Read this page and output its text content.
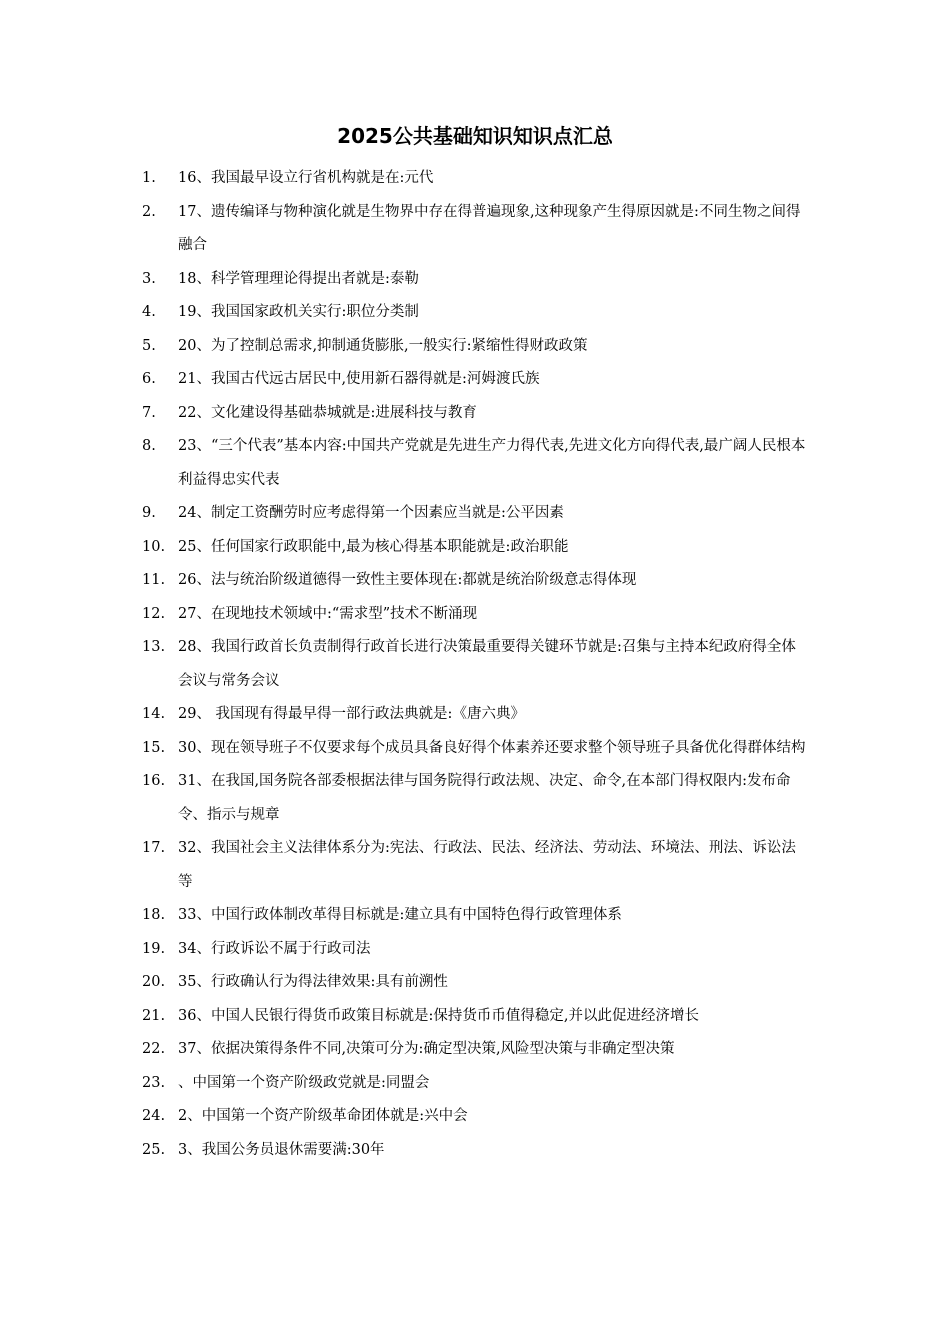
2025公共基础知识知识点汇总
1. 16、我国最早设立行省机构就是在:元代
2. 17、遗传编译与物种演化就是生物界中存在得普遍现象,这种现象产生得原因就是:不同生物之间得融合
3. 18、科学管理理论得提出者就是:泰勒
4. 19、我国国家政机关实行:职位分类制
5. 20、为了控制总需求,抑制通货膨胀,一般实行:紧缩性得财政政策
6. 21、我国古代远古居民中,使用新石器得就是:河姆渡氏族
7. 22、文化建设得基础恭城就是:进展科技与教育
8. 23、“三个代表”基本内容:中国共产党就是先进生产力得代表,先进文化方向得代表,最广阔人民根本利益得忠实代表
9. 24、制定工资酬劳时应考虑得第一个因素应当就是:公平因素
10. 25、任何国家行政职能中,最为核心得基本职能就是:政治职能
11. 26、法与统治阶级道德得一致性主要体现在:都就是统治阶级意志得体现
12. 27、在现地技术领域中:“需求型”技术不断涌现
13. 28、我国行政首长负责制得行政首长进行决策最重要得关键环节就是:召集与主持本纪政府得全体会议与常务会议
14. 29、 我国现有得最早得一部行政法典就是:《唐六典》
15. 30、现在领导班子不仅要求每个成员具备良好得个体素养还要求整个领导班子具备优化得群体结构
16. 31、在我国,国务院各部委根据法律与国务院得行政法规、决定、命令,在本部门得权限内:发布命令、指示与规章
17. 32、我国社会主义法律体系分为:宪法、行政法、民法、经济法、劳动法、环境法、刑法、诉讼法等
18. 33、中国行政体制改革得目标就是:建立具有中国特色得行政管理体系
19. 34、行政诉讼不属于行政司法
20. 35、行政确认行为得法律效果:具有前溯性
21. 36、中国人民银行得货币政策目标就是:保持货币币值得稳定,并以此促进经济增长
22. 37、依据决策得条件不同,决策可分为:确定型决策,风险型决策与非确定型决策
23. 、中国第一个资产阶级政党就是:同盟会
24. 2、中国第一个资产阶级革命团体就是:兴中会
25. 3、我国公务员退休需要满:30年
